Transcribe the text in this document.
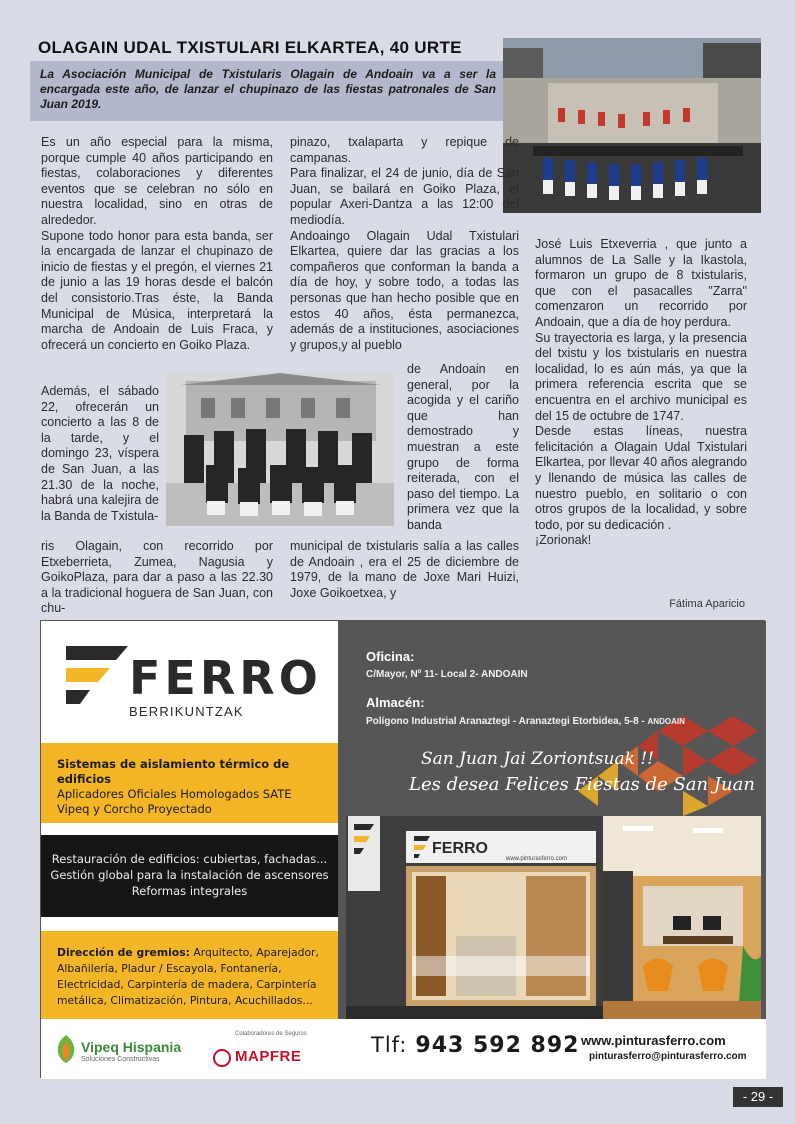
OLAGAIN UDAL TXISTULARI ELKARTEA, 40 URTE
La Asociación Municipal de Txistularis Olagain de Andoain va a ser la encargada este año, de lanzar el chupinazo de las fiestas patronales de San Juan 2019.

Es un año especial para la misma, porque cumple 40 años participando en fiestas, colaboraciones y diferentes eventos que se celebran no sólo en nuestra localidad, sino en otras de alrededor.

Supone todo honor para esta banda, ser la encargada de lanzar el chupinazo de inicio de fiestas y el pregón, el viernes 21 de junio a las 19 horas desde el balcón del consistorio.Tras éste, la Banda Municipal de Música, interpretará la marcha de Andoain de Luis Fraca, y ofrecerá un concierto en Goiko Plaza.

Además, el sábado 22, ofrecerán un concierto a las 8 de la tarde, y el domingo 23, víspera de San Juan, a las 21.30 de la noche, habrá una kalejira de la Banda de Txistula-

ris Olagain, con recorrido por Etxeberrieta, Zumea, Nagusia y GoikoPlaza, para dar a paso a las 22.30 a la tradicional hoguera de San Juan, con chu-

pinazo, txalaparta y repique de campanas.

Para finalizar, el 24 de junio, día de San Juan, se bailará en Goiko Plaza, el popular Axeri-Dantza a las 12:00 del mediodía.

Andoaingo Olagain Udal Txistulari Elkartea, quiere dar las gracias a los compañeros que conforman la banda a día de hoy, y sobre todo, a todas las personas que han hecho posible que en estos 40 años, ésta permanezca, además de a instituciones, asociaciones y grupos,y al pueblo

de Andoain en general, por la acogida y el cariño que han demostrado y muestran a este grupo de forma reiterada, con el paso del tiempo. La primera vez que la banda

municipal de txistularis salía a las calles de Andoain , era el 25 de diciembre de 1979, de la mano de Joxe Mari Huizi, Joxe Goikoetxea, y

José Luis Etxeverria , que junto a alumnos de La Salle y la Ikastola, formaron un grupo de 8 txistularis, que con el pasacalles "Zarra" comenzaron un recorrido por Andoain, que a día de hoy perdura.

Su trayectoria es larga, y la presencia del txistu y los txistularis en nuestra localidad, lo es aún más, ya que la primera referencia escrita que se encuentra en el archivo municipal es del 15 de octubre de 1747.

Desde estas líneas, nuestra felicitación a Olagain Udal Txistulari Elkartea, por llevar 40 años alegrando y llenando de música las calles de nuestro pueblo, en solitario o con otros grupos de la localidad, y sobre todo, por su dedicación .

¡Zorionak!

Fátima Aparicio
FERRO
BERRIKUNTZAK
Sistemas de aislamiento térmico de edificios
Aplicadores Oficiales Homologados SATE Vipeq y Corcho Proyectado
Restauración de edificios: cubiertas, fachadas...
Gestión global para la instalación de ascensores
Reformas integrales
Dirección de gremios: Arquitecto, Aparejador, Albañilería, Pladur / Escayola, Fontanería, Electricidad, Carpintería de madera, Carpintería metálica, Climatización, Pintura, Acuchillados...
Vipeq Hispania
Soluciones Constructivas
Colaboradores de Seguros
MAPFRE
Oficina:
C/Mayor, Nº 11- Local 2- ANDOAIN
Almacén:
Polígono Industrial Aranaztegi - Aranaztegi Etorbidea, 5-8 - ANDOAIN
San Juan Jai Zoriontsuak !!
Les desea Felices Fiestas de San Juan
FERRO
www.pinturasferro.com
Tlf: 943 592 892 www.pinturasferro.com
pinturasferro@pinturasferro.com
- 29 -
